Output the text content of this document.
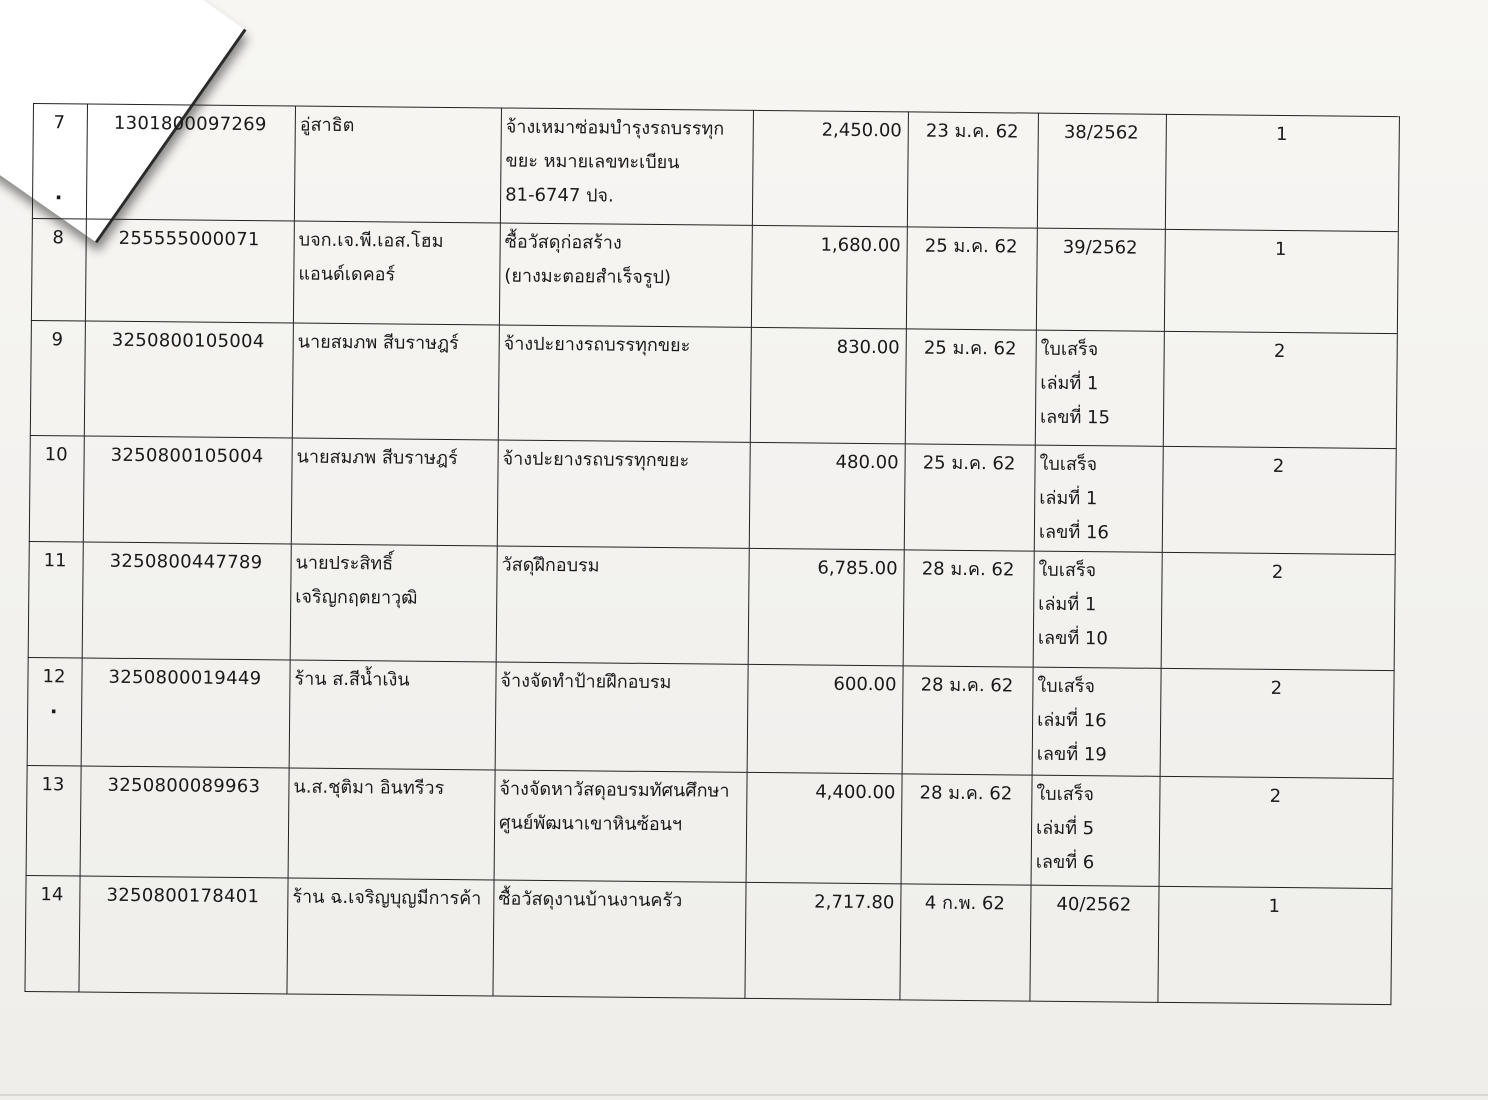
7
.	1301800097269	อู่สาธิต	จ้างเหมาซ่อมบำรุงรถบรรทุก
ขยะ หมายเลขทะเบียน
81-6747 ปจ.	2,450.00	23 ม.ค. 62	38/2562	1

8	255555000071	บจก.เจ.พี.เอส.โฮม
แอนด์เดคอร์	ซื้อวัสดุก่อสร้าง
(ยางมะตอยสำเร็จรูป)	1,680.00	25 ม.ค. 62	39/2562	1

9	3250800105004	นายสมภพ สีบราษฎร์	จ้างปะยางรถบรรทุกขยะ	830.00	25 ม.ค. 62	ใบเสร็จ
เล่มที่ 1
เลขที่ 15	2

10	3250800105004	นายสมภพ สีบราษฎร์	จ้างปะยางรถบรรทุกขยะ	480.00	25 ม.ค. 62	ใบเสร็จ
เล่มที่ 1
เลขที่ 16	2

11	3250800447789	นายประสิทธิ์
เจริญกฤตยาวุฒิ	วัสดุฝึกอบรม	6,785.00	28 ม.ค. 62	ใบเสร็จ
เล่มที่ 1
เลขที่ 10	2

12
.	3250800019449	ร้าน ส.สีน้ำเงิน	จ้างจัดทำป้ายฝึกอบรม	600.00	28 ม.ค. 62	ใบเสร็จ
เล่มที่ 16
เลขที่ 19	2

13	3250800089963	น.ส.ชุติมา อินทรีวร	จ้างจัดหาวัสดุอบรมทัศนศึกษา
ศูนย์พัฒนาเขาหินซ้อนฯ	4,400.00	28 ม.ค. 62	ใบเสร็จ
เล่มที่ 5
เลขที่ 6	2

14	3250800178401	ร้าน ฉ.เจริญบุญมีการค้า	ซื้อวัสดุงานบ้านงานครัว	2,717.80	4 ก.พ. 62	40/2562	1
